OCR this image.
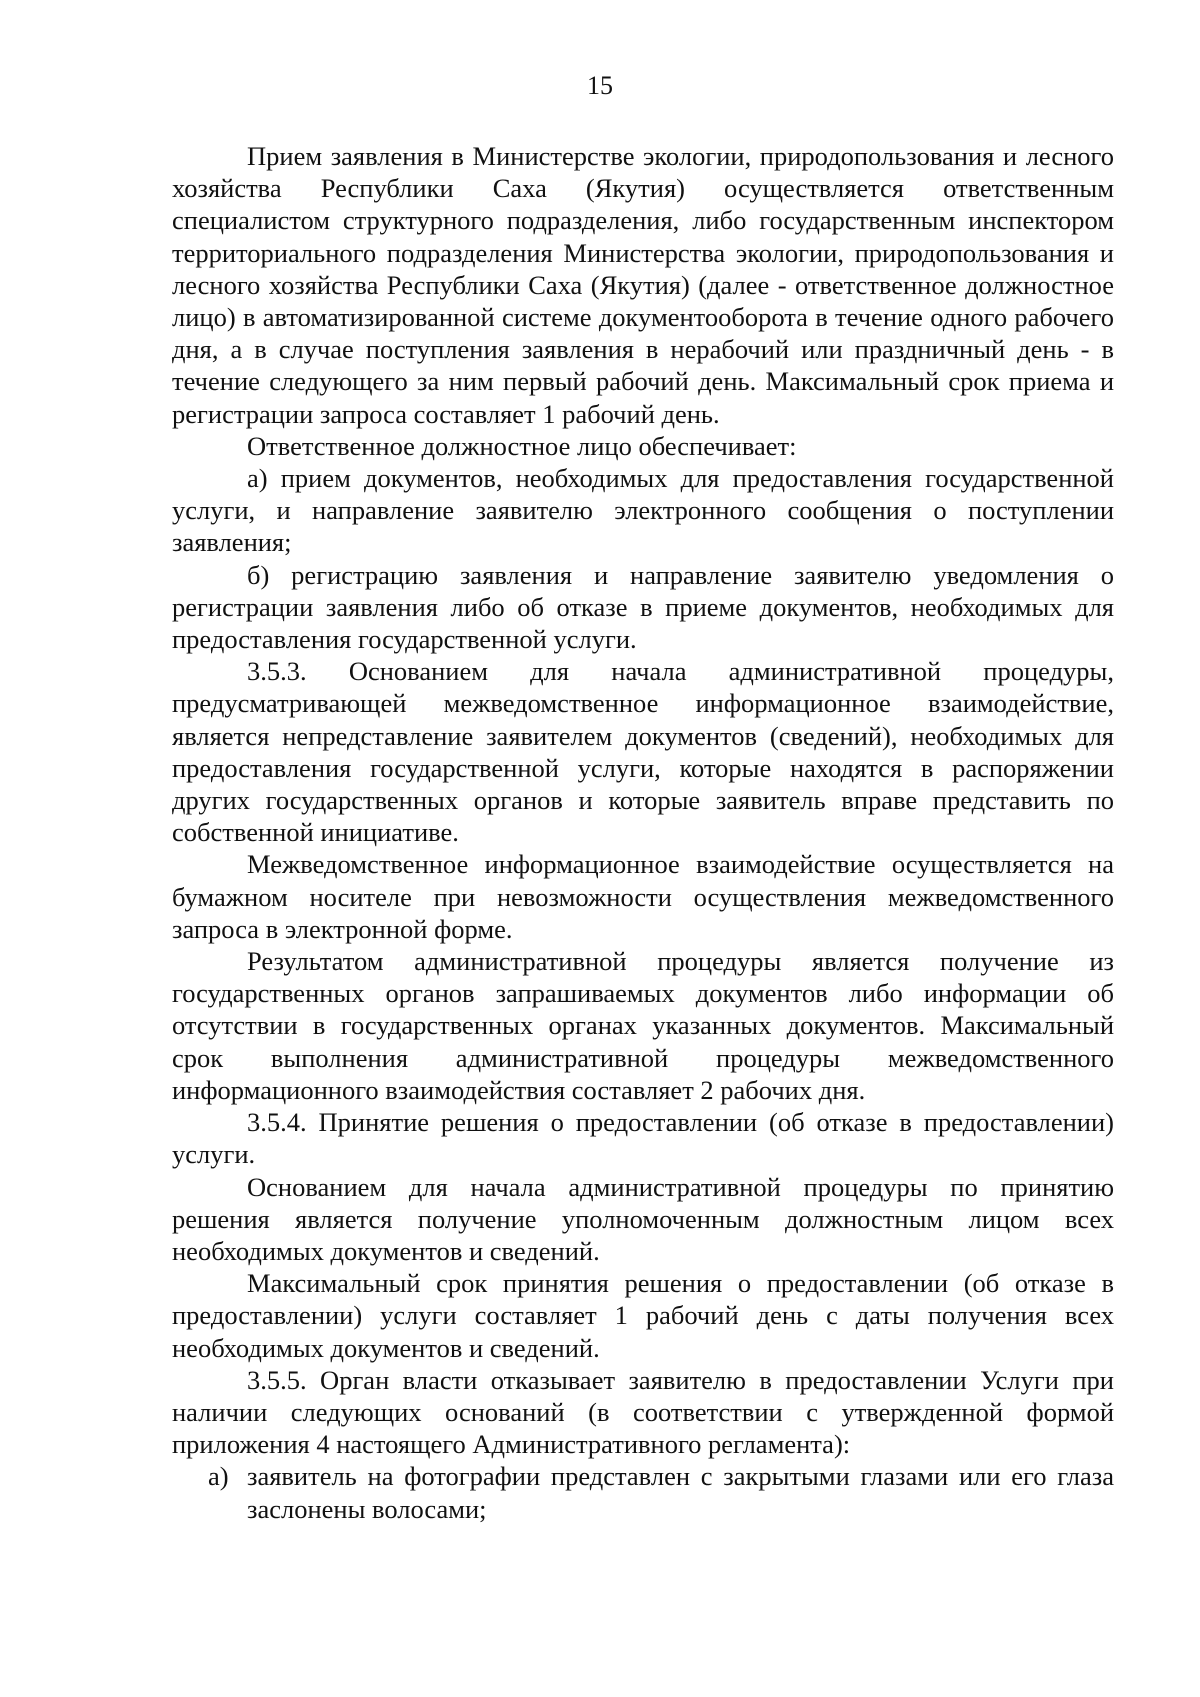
15

Прием заявления в Министерстве экологии, природопользования и лесного хозяйства Республики Саха (Якутия) осуществляется ответственным специалистом структурного подразделения, либо государственным инспектором территориального подразделения Министерства экологии, природопользования и лесного хозяйства Республики Саха (Якутия) (далее - ответственное должностное лицо) в автоматизированной системе документооборота в течение одного рабочего дня, а в случае поступления заявления в нерабочий или праздничный день - в течение следующего за ним первый рабочий день. Максимальный срок приема и регистрации запроса составляет 1 рабочий день.

Ответственное должностное лицо обеспечивает:

а) прием документов, необходимых для предоставления государственной услуги, и направление заявителю электронного сообщения о поступлении заявления;

б) регистрацию заявления и направление заявителю уведомления о регистрации заявления либо об отказе в приеме документов, необходимых для предоставления государственной услуги.

3.5.3. Основанием для начала административной процедуры, предусматривающей межведомственное информационное взаимодействие, является непредставление заявителем документов (сведений), необходимых для предоставления государственной услуги, которые находятся в распоряжении других государственных органов и которые заявитель вправе представить по собственной инициативе.

Межведомственное информационное взаимодействие осуществляется на бумажном носителе при невозможности осуществления межведомственного запроса в электронной форме.

Результатом административной процедуры является получение из государственных органов запрашиваемых документов либо информации об отсутствии в государственных органах указанных документов. Максимальный срок выполнения административной процедуры межведомственного информационного взаимодействия составляет 2 рабочих дня.

3.5.4. Принятие решения о предоставлении (об отказе в предоставлении) услуги.

Основанием для начала административной процедуры по принятию решения является получение уполномоченным должностным лицом всех необходимых документов и сведений.

Максимальный срок принятия решения о предоставлении (об отказе в предоставлении) услуги составляет 1 рабочий день с даты получения всех необходимых документов и сведений.

3.5.5. Орган власти отказывает заявителю в предоставлении Услуги при наличии следующих оснований (в соответствии с утвержденной формой приложения 4 настоящего Административного регламента):

а) заявитель на фотографии представлен с закрытыми глазами или его глаза заслонены волосами;
